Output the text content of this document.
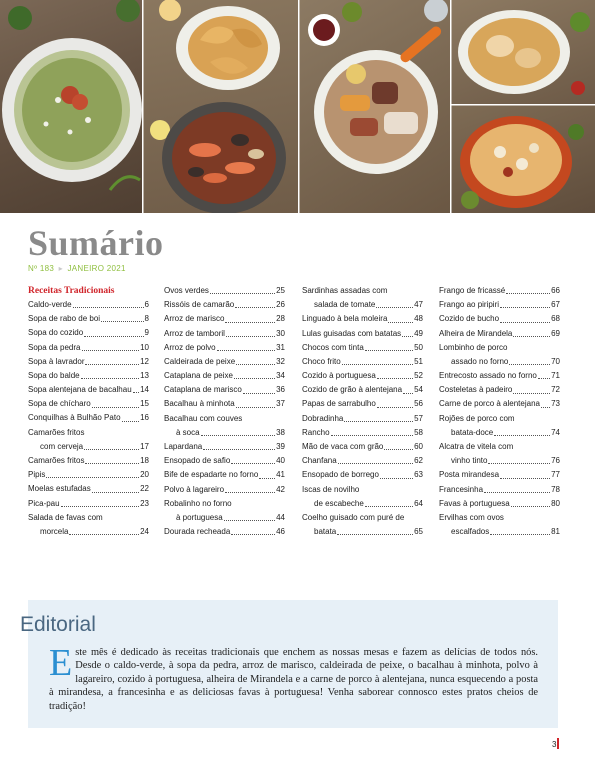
Sumário
Nº 183 ▸ JANEIRO 2021
Receitas Tradicionais
Caldo-verde	6
Sopa de rabo de boi	8
Sopa do cozido	9
Sopa da pedra	10
Sopa à lavrador	12
Sopa do balde	13
Sopa alentejana de bacalhau 14
Sopa de chícharo	15
Conquilhas à Bulhão Pato 16
Camarões fritos
com cerveja	17
Camarões fritos	18
Pipis	20
Moelas estufadas	22
Pica-pau	23
Salada de favas com
morcela	24
Ovos verdes	25
Rissóis de camarão	26
Arroz de marisco	28
Arroz de tamboril	30
Arroz de polvo	31
Caldeirada de peixe	32
Cataplana de peixe	34
Cataplana de marisco	36
Bacalhau à minhota	37
Bacalhau com couves
à soca	38
Lapardana	39
Ensopado de safio	40
Bife de espadarte no forno 41
Polvo à lagareiro	42
Robalinho no forno
à portuguesa	44
Dourada recheada	46
Sardinhas assadas com
salada de tomate	47
Linguado à bela moleira	48
Lulas guisadas com batatas 49
Chocos com tinta	50
Choco frito	51
Cozido à portuguesa	52
Cozido de grão à alentejana 54
Papas de sarrabulho	56
Dobradinha	57
Rancho	58
Mão de vaca com grão	60
Chanfana	62
Ensopado de borrego	63
Iscas de novilho
de escabeche	64
Coelho guisado com puré de
batata	65
Frango de fricassé	66
Frango ao piripiri	67
Cozido de bucho	68
Alheira de Mirandela	69
Lombinho de porco
assado no forno	70
Entrecosto assado no forno 71
Costeletas à padeiro	72
Carne de porco à alentejana 73
Rojões de porco com
batata-doce	74
Alcatra de vitela com
vinho tinto	76
Posta mirandesa	77
Francesinha	78
Favas à portuguesa	80
Ervilhas com ovos
escalfados	81
Editorial
Este mês é dedicado às receitas tradicionais que enchem as nossas mesas e fazem as delícias de todos nós. Desde o caldo-verde, à sopa da pedra, arroz de marisco, caldeirada de peixe, o bacalhau à minhota, polvo à lagareiro, cozido à portuguesa, alheira de Mirandela e a carne de porco à alentejana, nunca esquecendo a posta à mirandesa, a francesinha e as deliciosas favas à portuguesa! Venha saborear connosco estes pratos cheios de tradição!
3
